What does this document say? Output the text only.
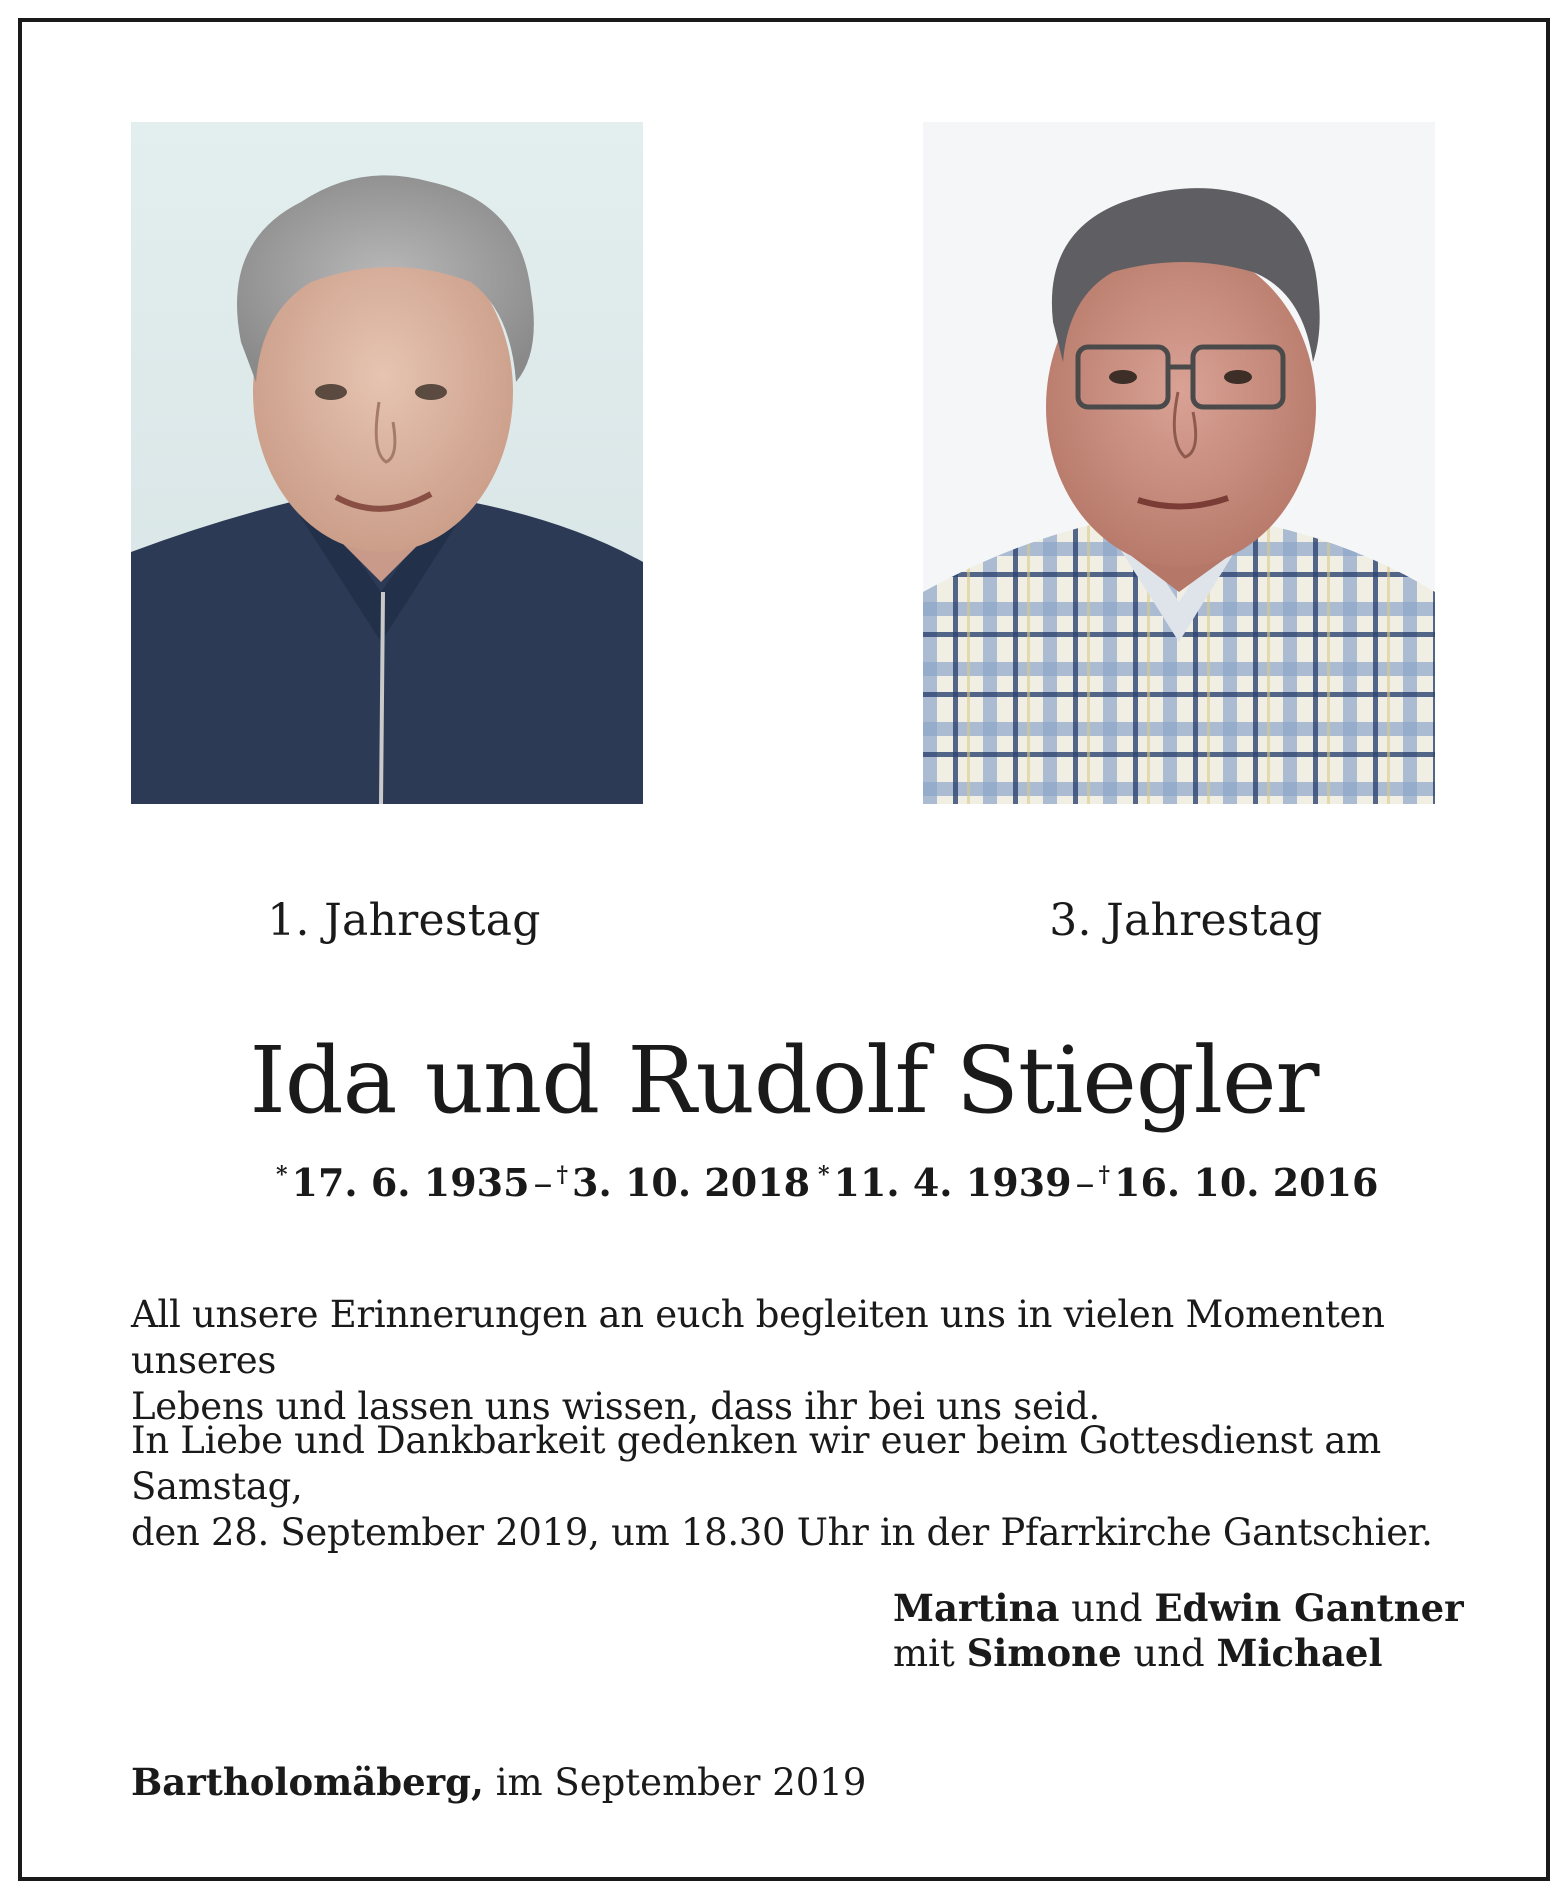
1. Jahrestag	3. Jahrestag
Ida und Rudolf Stiegler
* 17. 6. 1935 – † 3. 10. 2018 * 11. 4. 1939 – † 16. 10. 2016
All unsere Erinnerungen an euch begleiten uns in vielen Momenten unseres
Lebens und lassen uns wissen, dass ihr bei uns seid.
In Liebe und Dankbarkeit gedenken wir euer beim Gottesdienst am Samstag,
den 28. September 2019, um 18.30 Uhr in der Pfarrkirche Gantschier.
Martina und Edwin Gantner
mit Simone und Michael
Bartholomäberg, im September 2019
